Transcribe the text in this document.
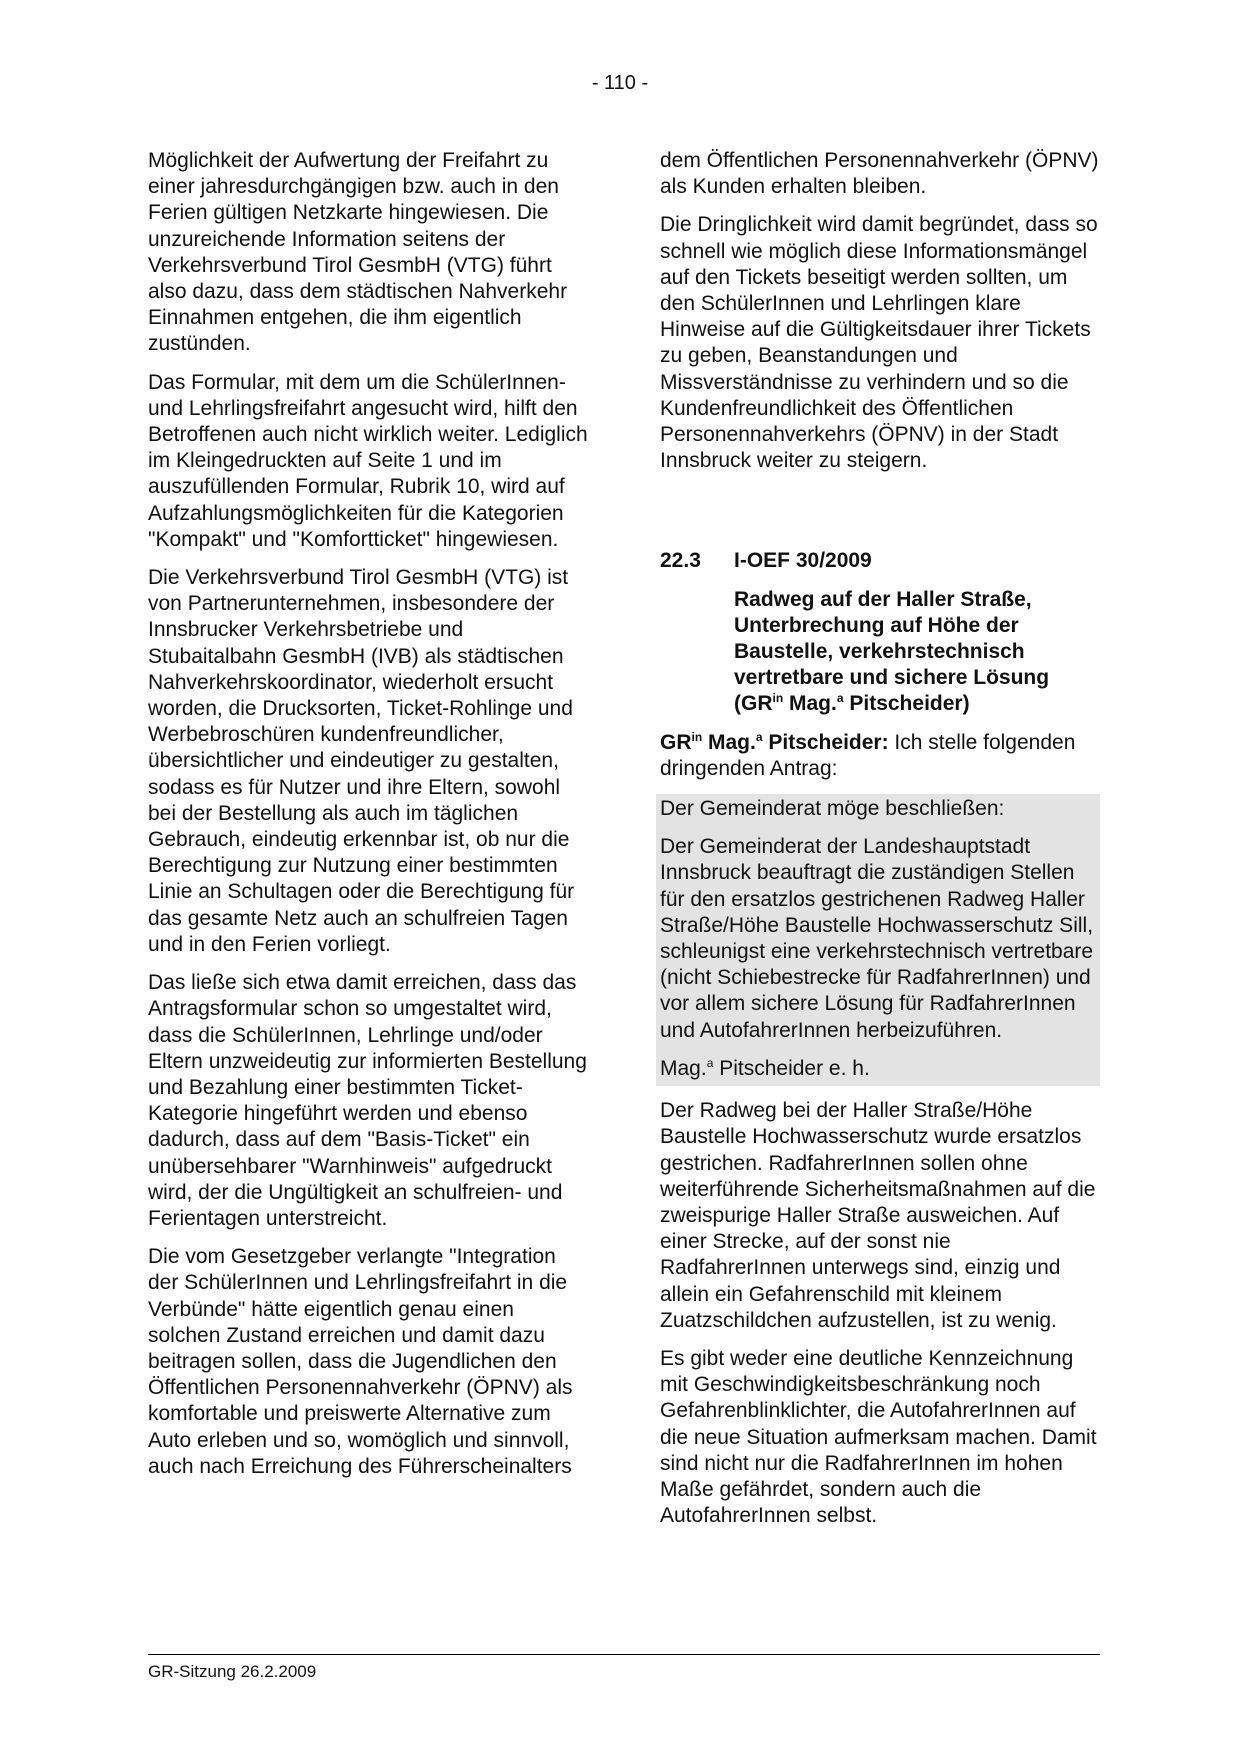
- 110 -

Möglichkeit der Aufwertung der Freifahrt zu einer jahresdurchgängigen bzw. auch in den Ferien gültigen Netzkarte hingewiesen. Die unzureichende Information seitens der Verkehrsverbund Tirol GesmbH (VTG) führt also dazu, dass dem städtischen Nahverkehr Einnahmen entgehen, die ihm eigentlich zustünden.

Das Formular, mit dem um die SchülerInnen- und Lehrlingsfreifahrt angesucht wird, hilft den Betroffenen auch nicht wirklich weiter. Lediglich im Kleingedruckten auf Seite 1 und im auszufüllenden Formular, Rubrik 10, wird auf Aufzahlungsmöglichkeiten für die Kategorien "Kompakt" und "Komfortticket" hingewiesen.

Die Verkehrsverbund Tirol GesmbH (VTG) ist von Partnerunternehmen, insbesondere der Innsbrucker Verkehrsbetriebe und Stubaitalbahn GesmbH (IVB) als städtischen Nahverkehrskoordinator, wiederholt ersucht worden, die Drucksorten, Ticket-Rohlinge und Werbebroschüren kundenfreundlicher, übersichtlicher und eindeutiger zu gestalten, sodass es für Nutzer und ihre Eltern, sowohl bei der Bestellung als auch im täglichen Gebrauch, eindeutig erkennbar ist, ob nur die Berechtigung zur Nutzung einer bestimmten Linie an Schultagen oder die Berechtigung für das gesamte Netz auch an schulfreien Tagen und in den Ferien vorliegt.

Das ließe sich etwa damit erreichen, dass das Antragsformular schon so umgestaltet wird, dass die SchülerInnen, Lehrlinge und/oder Eltern unzweideutig zur informierten Bestellung und Bezahlung einer bestimmten Ticket-Kategorie hingeführt werden und ebenso dadurch, dass auf dem "Basis-Ticket" ein unübersehbarer "Warnhinweis" aufgedruckt wird, der die Ungültigkeit an schulfreien- und Ferientagen unterstreicht.

Die vom Gesetzgeber verlangte "Integration der SchülerInnen und Lehrlingsfreifahrt in die Verbünde" hätte eigentlich genau einen solchen Zustand erreichen und damit dazu beitragen sollen, dass die Jugendlichen den Öffentlichen Personennahverkehr (ÖPNV) als komfortable und preiswerte Alternative zum Auto erleben und so, womöglich und sinnvoll, auch nach Erreichung des Führerscheinalters

dem Öffentlichen Personennahverkehr (ÖPNV) als Kunden erhalten bleiben.

Die Dringlichkeit wird damit begründet, dass so schnell wie möglich diese Informationsmängel auf den Tickets beseitigt werden sollten, um den SchülerInnen und Lehrlingen klare Hinweise auf die Gültigkeitsdauer ihrer Tickets zu geben, Beanstandungen und Missverständnisse zu verhindern und so die Kundenfreundlichkeit des Öffentlichen Personennahverkehrs (ÖPNV) in der Stadt Innsbruck weiter zu steigern.

22.3	I-OEF 30/2009
Radweg auf der Haller Straße,
Unterbrechung auf Höhe der
Baustelle, verkehrstechnisch
vertretbare und sichere Lösung
($GR^{in}$ Mag.$^a$ Pitscheider)

$GR^{in}$ Mag.$^a$ Pitscheider: Ich stelle folgenden dringenden Antrag:

Der Gemeinderat möge beschließen:

Der Gemeinderat der Landeshauptstadt Innsbruck beauftragt die zuständigen Stellen für den ersatzlos gestrichenen Radweg Haller Straße/Höhe Baustelle Hochwasserschutz Sill, schleunigst eine verkehrstechnisch vertretbare (nicht Schiebestrecke für RadfahrerInnen) und vor allem sichere Lösung für RadfahrerInnen und AutofahrerInnen herbeizuführen.

Mag.$^a$ Pitscheider e. h.

Der Radweg bei der Haller Straße/Höhe Baustelle Hochwasserschutz wurde ersatzlos gestrichen. RadfahrerInnen sollen ohne weiterführende Sicherheitsmaßnahmen auf die zweispurige Haller Straße ausweichen. Auf einer Strecke, auf der sonst nie RadfahrerInnen unterwegs sind, einzig und allein ein Gefahrenschild mit kleinem Zuatzschildchen aufzustellen, ist zu wenig.

Es gibt weder eine deutliche Kennzeichnung mit Geschwindigkeitsbeschränkung noch Gefahrenblinklichter, die AutofahrerInnen auf die neue Situation aufmerksam machen. Damit sind nicht nur die RadfahrerInnen im hohen Maße gefährdet, sondern auch die AutofahrerInnen selbst.

GR-Sitzung 26.2.2009
